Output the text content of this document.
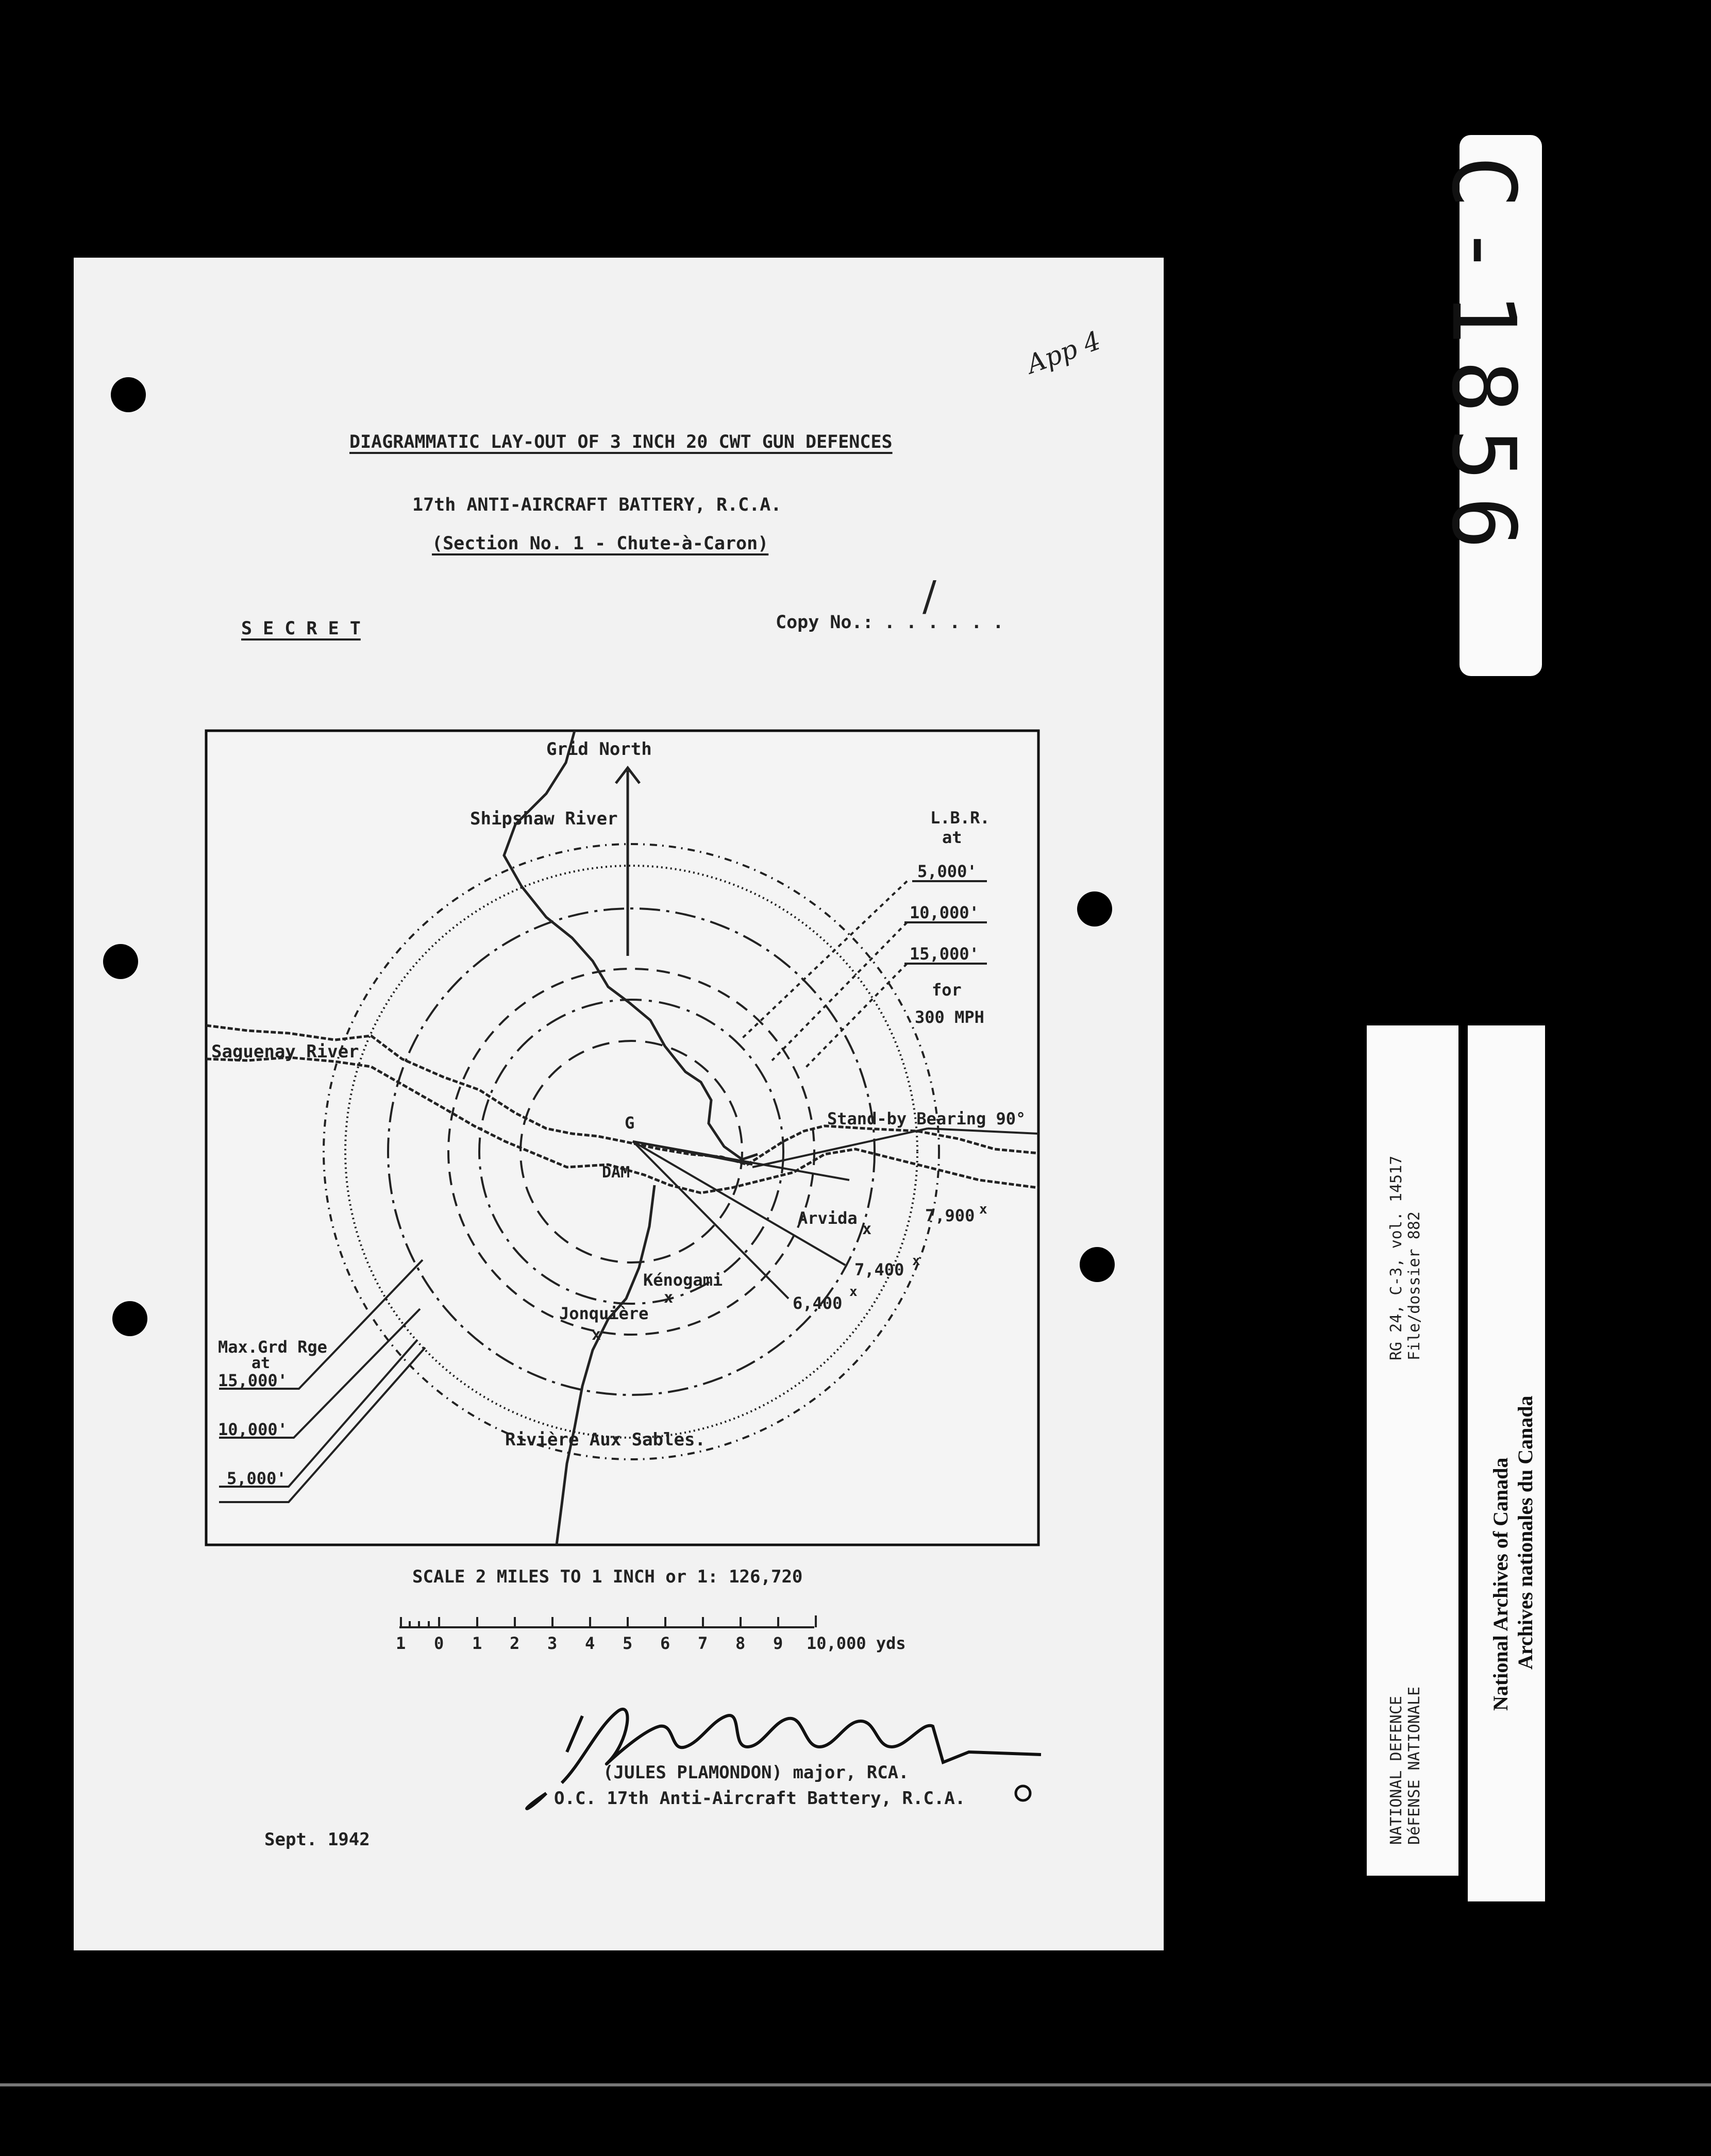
App 4
DIAGRAMMATIC LAY-OUT OF 3 INCH 20 CWT GUN DEFENCES
17th ANTI-AIRCRAFT BATTERY, R.C.A.
(Section No. 1 - Chute-à-Caron)
S E C R E T	Copy No.: . . . . . .
/
Grid North
Shipshaw River
Saguenay River
Rivière Aux Sables.
L.B.R.
at
5,000'
10,000'
15,000'
for
300 MPH
Stand-by Bearing 90°
G
DAM
Arvida
x
7,900 x
7,400 x
6,400
x
Kénogami
x
Jonquière
x
Max.Grd Rge
at
15,000'
10,000'
5,000'
1 0 1 2 3 4 5 6 7 8 9 10,000 yds
SCALE 2 MILES TO 1 INCH or 1: 126,720
(JULES PLAMONDON) major, RCA.
O.C. 17th Anti-Aircraft Battery, R.C.A.
Sept. 1942
C-1856
RG 24, C-3, vol. 14517 File/dossier 882
NATIONAL DEFENCE DéFENSE NATIONALE
National Archives of Canada Archives nationales du Canada
